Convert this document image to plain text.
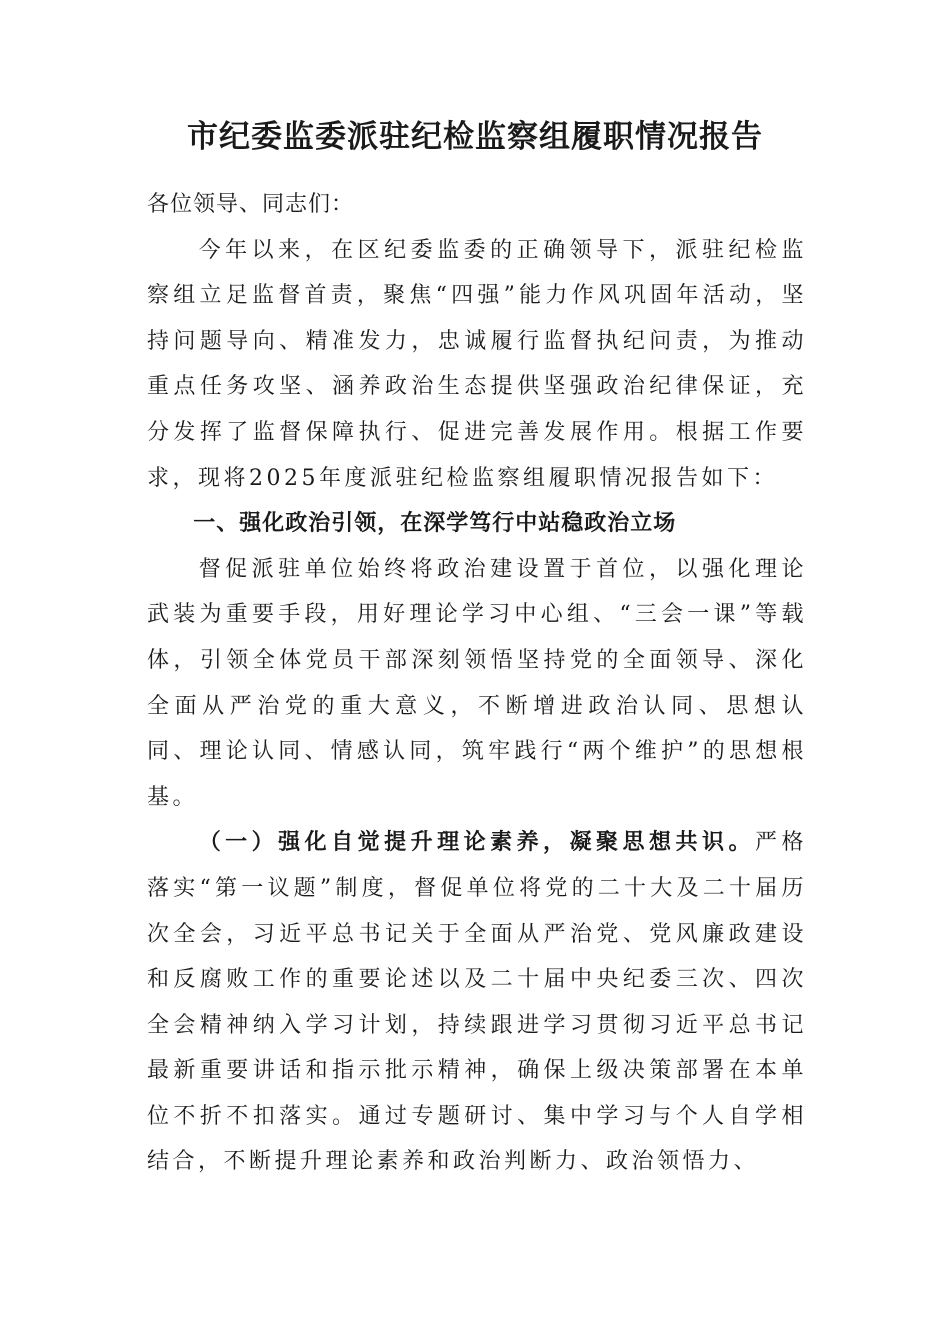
市纪委监委派驻纪检监察组履职情况报告

各位领导、同志们：

今年以来，在区纪委监委的正确领导下，派驻纪检监察组立足监督首责，聚焦“四强”能力作风巩固年活动，坚持问题导向、精准发力，忠诚履行监督执纪问责，为推动重点任务攻坚、涵养政治生态提供坚强政治纪律保证，充分发挥了监督保障执行、促进完善发展作用。根据工作要求，现将2025年度派驻纪检监察组履职情况报告如下：

一、强化政治引领，在深学笃行中站稳政治立场

督促派驻单位始终将政治建设置于首位，以强化理论武装为重要手段，用好理论学习中心组、“三会一课”等载体，引领全体党员干部深刻领悟坚持党的全面领导、深化全面从严治党的重大意义，不断增进政治认同、思想认同、理论认同、情感认同，筑牢践行“两个维护”的思想根基。

（一）强化自觉提升理论素养，凝聚思想共识。严格落实“第一议题”制度，督促单位将党的二十大及二十届历次全会，习近平总书记关于全面从严治党、党风廉政建设和反腐败工作的重要论述以及二十届中央纪委三次、四次全会精神纳入学习计划，持续跟进学习贯彻习近平总书记最新重要讲话和指示批示精神，确保上级决策部署在本单位不折不扣落实。通过专题研讨、集中学习与个人自学相结合，不断提升理论素养和政治判断力、政治领悟力、
